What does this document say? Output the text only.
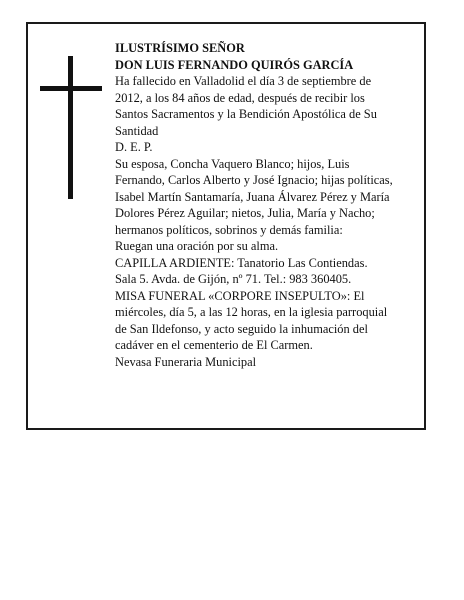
ILUSTRÍSIMO SEÑOR
DON LUIS FERNANDO QUIRÓS GARCÍA
Ha fallecido en Valladolid el día 3 de septiembre de
2012, a los 84 años de edad, después de recibir los
Santos Sacramentos y la Bendición Apostólica de Su
Santidad
D. E. P.
Su esposa, Concha Vaquero Blanco; hijos, Luis
Fernando, Carlos Alberto y José Ignacio; hijas políticas,
Isabel Martín Santamaría, Juana Álvarez Pérez y María
Dolores Pérez Aguilar; nietos, Julia, María y Nacho;
hermanos políticos, sobrinos y demás familia:
Ruegan una oración por su alma.
CAPILLA ARDIENTE: Tanatorio Las Contiendas.
Sala 5. Avda. de Gijón, nº 71. Tel.: 983 360405.
MISA FUNERAL «CORPORE INSEPULTO»: El
miércoles, día 5, a las 12 horas, en la iglesia parroquial
de San Ildefonso, y acto seguido la inhumación del
cadáver en el cementerio de El Carmen.
Nevasa Funeraria Municipal
